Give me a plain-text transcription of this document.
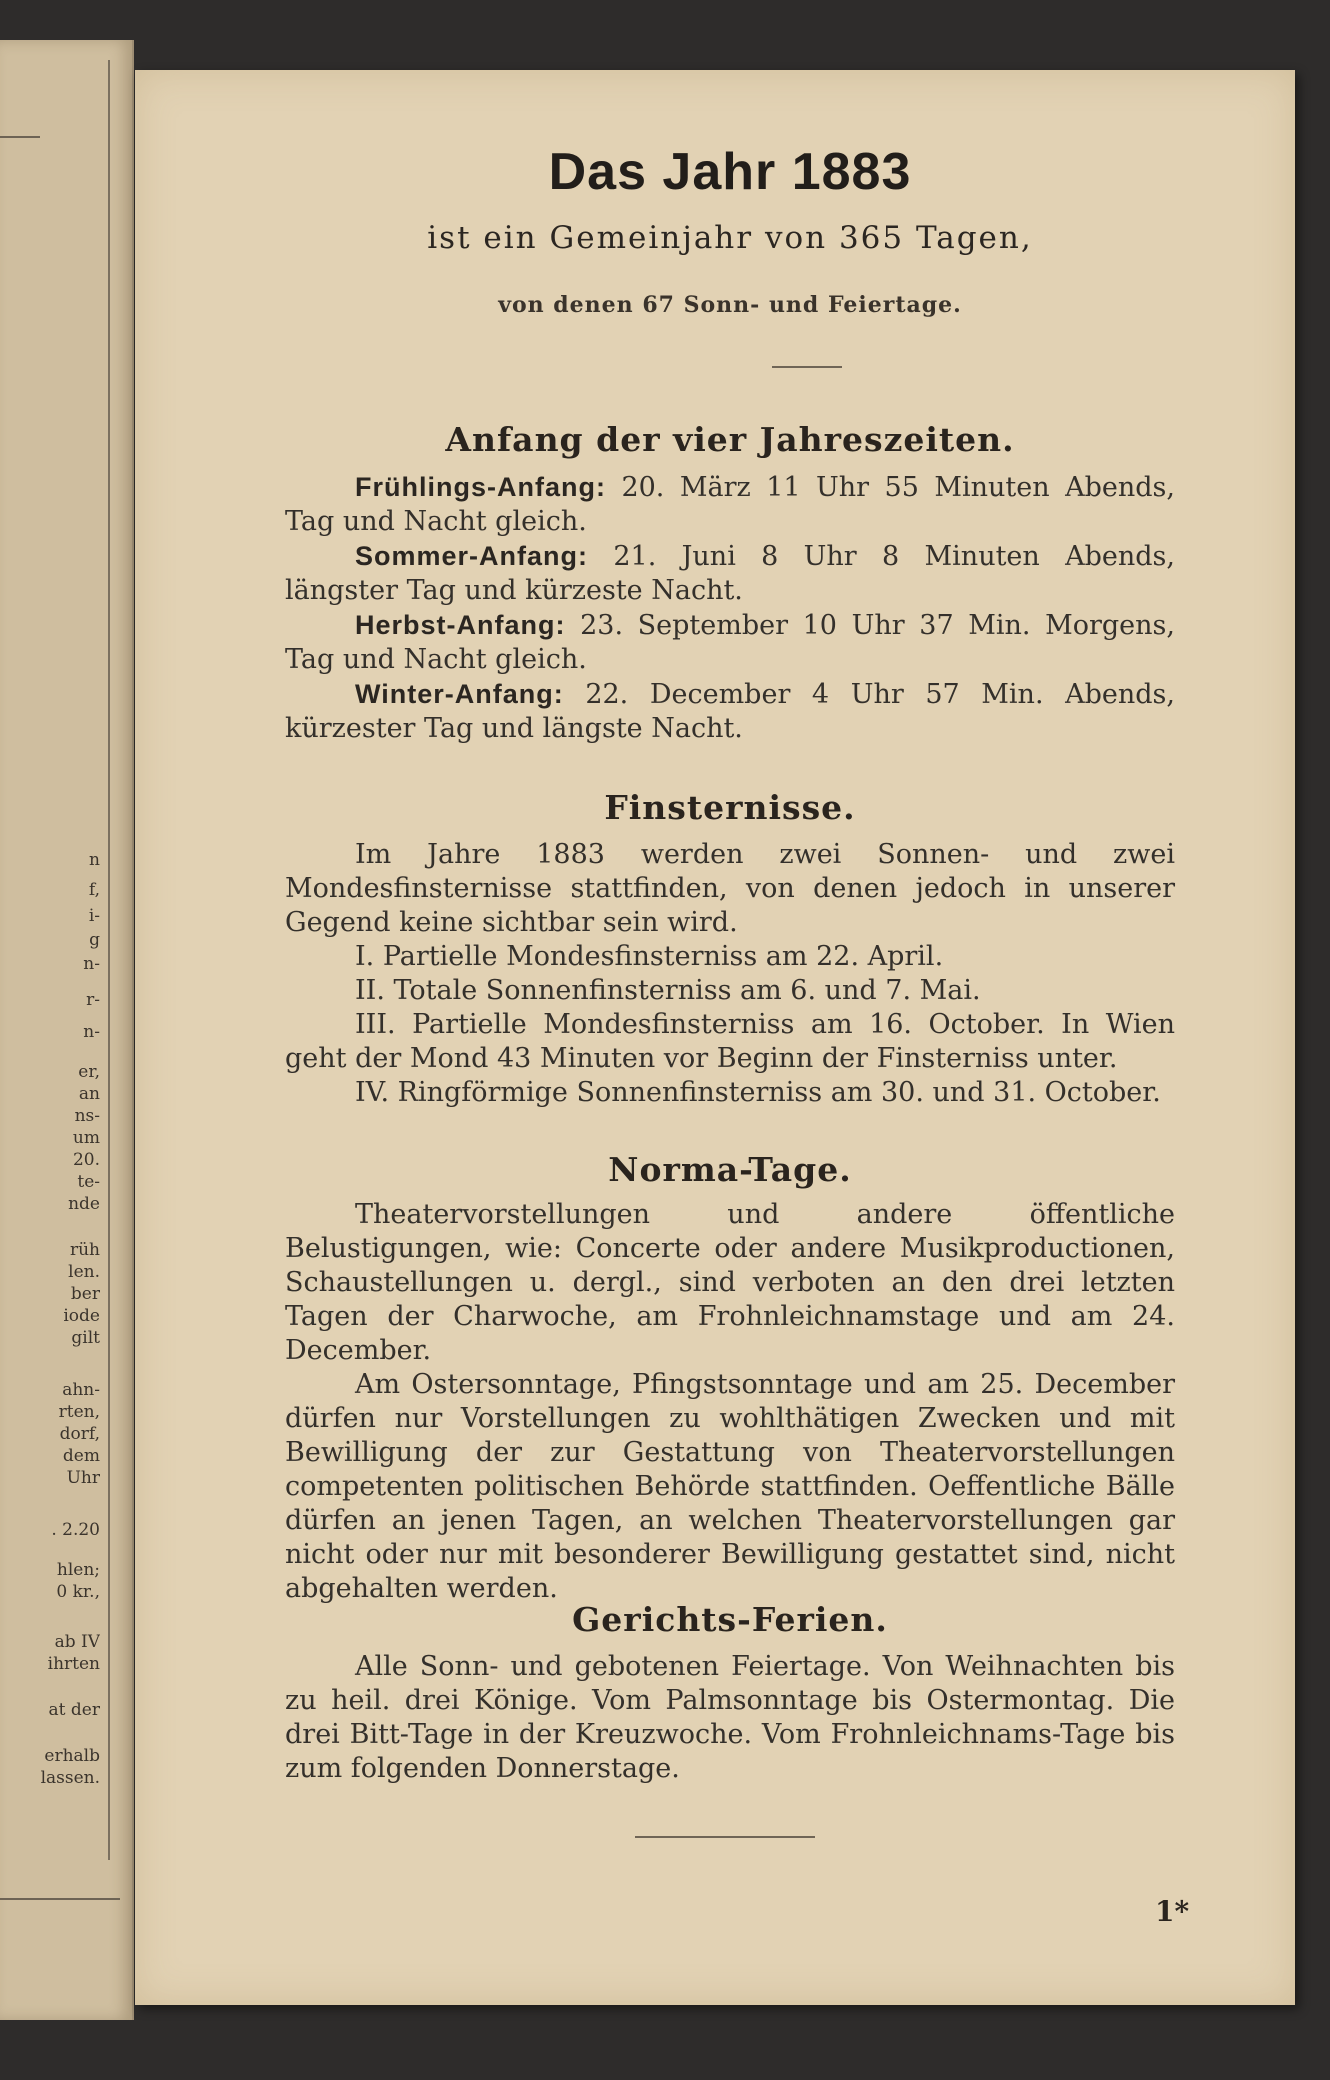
n
f,
i-
g
n-
r-
n-
er,
an
ns-
um
20.
te-
nde
rüh
len.
ber
iode
gilt
ahn-
rten,
dorf,
dem
Uhr
. 2.20
hlen;
0 kr.,
ab IV
ihrten
at der
erhalb
lassen.
Das Jahr 1883
ist ein Gemeinjahr von 365 Tagen,
von denen 67 Sonn- und Feiertage.
Anfang der vier Jahreszeiten.
Frühlings-Anfang: 20. März 11 Uhr 55 Minuten Abends, Tag und Nacht gleich.
Sommer-Anfang: 21. Juni 8 Uhr 8 Minuten Abends, längster Tag und kürzeste Nacht.
Herbst-Anfang: 23. September 10 Uhr 37 Min. Morgens, Tag und Nacht gleich.
Winter-Anfang: 22. December 4 Uhr 57 Min. Abends, kürzester Tag und längste Nacht.
Finsternisse.
Im Jahre 1883 werden zwei Sonnen- und zwei Mondesfinsternisse stattfinden, von denen jedoch in unserer Gegend keine sichtbar sein wird.
I. Partielle Mondesfinsterniss am 22. April.
II. Totale Sonnenfinsterniss am 6. und 7. Mai.
III. Partielle Mondesfinsterniss am 16. October. In Wien geht der Mond 43 Minuten vor Beginn der Finsterniss unter.
IV. Ringförmige Sonnenfinsterniss am 30. und 31. October.
Norma-Tage.
Theatervorstellungen und andere öffentliche Belustigungen, wie: Concerte oder andere Musikproductionen, Schaustellungen u. dergl., sind verboten an den drei letzten Tagen der Charwoche, am Frohnleichnamstage und am 24. December.
Am Ostersonntage, Pfingstsonntage und am 25. December dürfen nur Vorstellungen zu wohlthätigen Zwecken und mit Bewilligung der zur Gestattung von Theatervorstellungen competenten politischen Behörde stattfinden. Oeffentliche Bälle dürfen an jenen Tagen, an welchen Theatervorstellungen gar nicht oder nur mit besonderer Bewilligung gestattet sind, nicht abgehalten werden.
Gerichts-Ferien.
Alle Sonn- und gebotenen Feiertage. Von Weihnachten bis zu heil. drei Könige. Vom Palmsonntage bis Ostermontag. Die drei Bitt-Tage in der Kreuzwoche. Vom Frohnleichnams-Tage bis zum folgenden Donnerstage.
1*
